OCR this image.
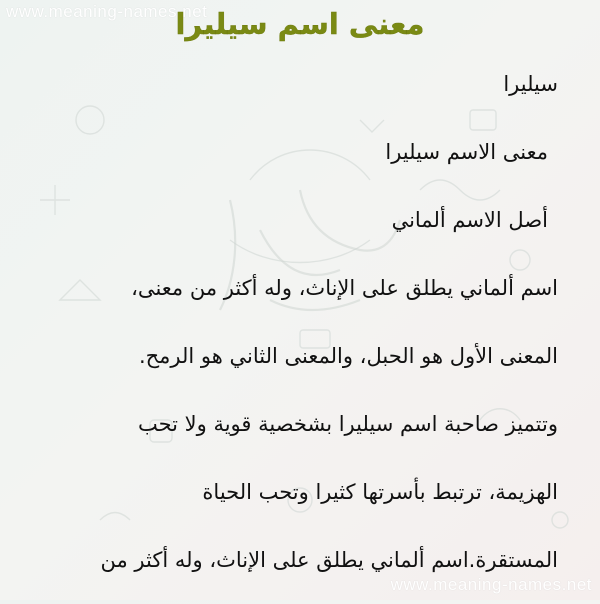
www.meaning-names.net
معنى اسم سيليرا
سيليرا
معنى الاسم سيليرا
أصل الاسم ألماني
اسم ألماني يطلق على الإناث، وله أكثر من معنى،
المعنى الأول هو الحبل، والمعنى الثاني هو الرمح.
وتتميز صاحبة اسم سيليرا بشخصية قوية ولا تحب
الهزيمة، ترتبط بأسرتها كثيرا وتحب الحياة
المستقرة.اسم ألماني يطلق على الإناث، وله أكثر من
www.meaning-names.net
